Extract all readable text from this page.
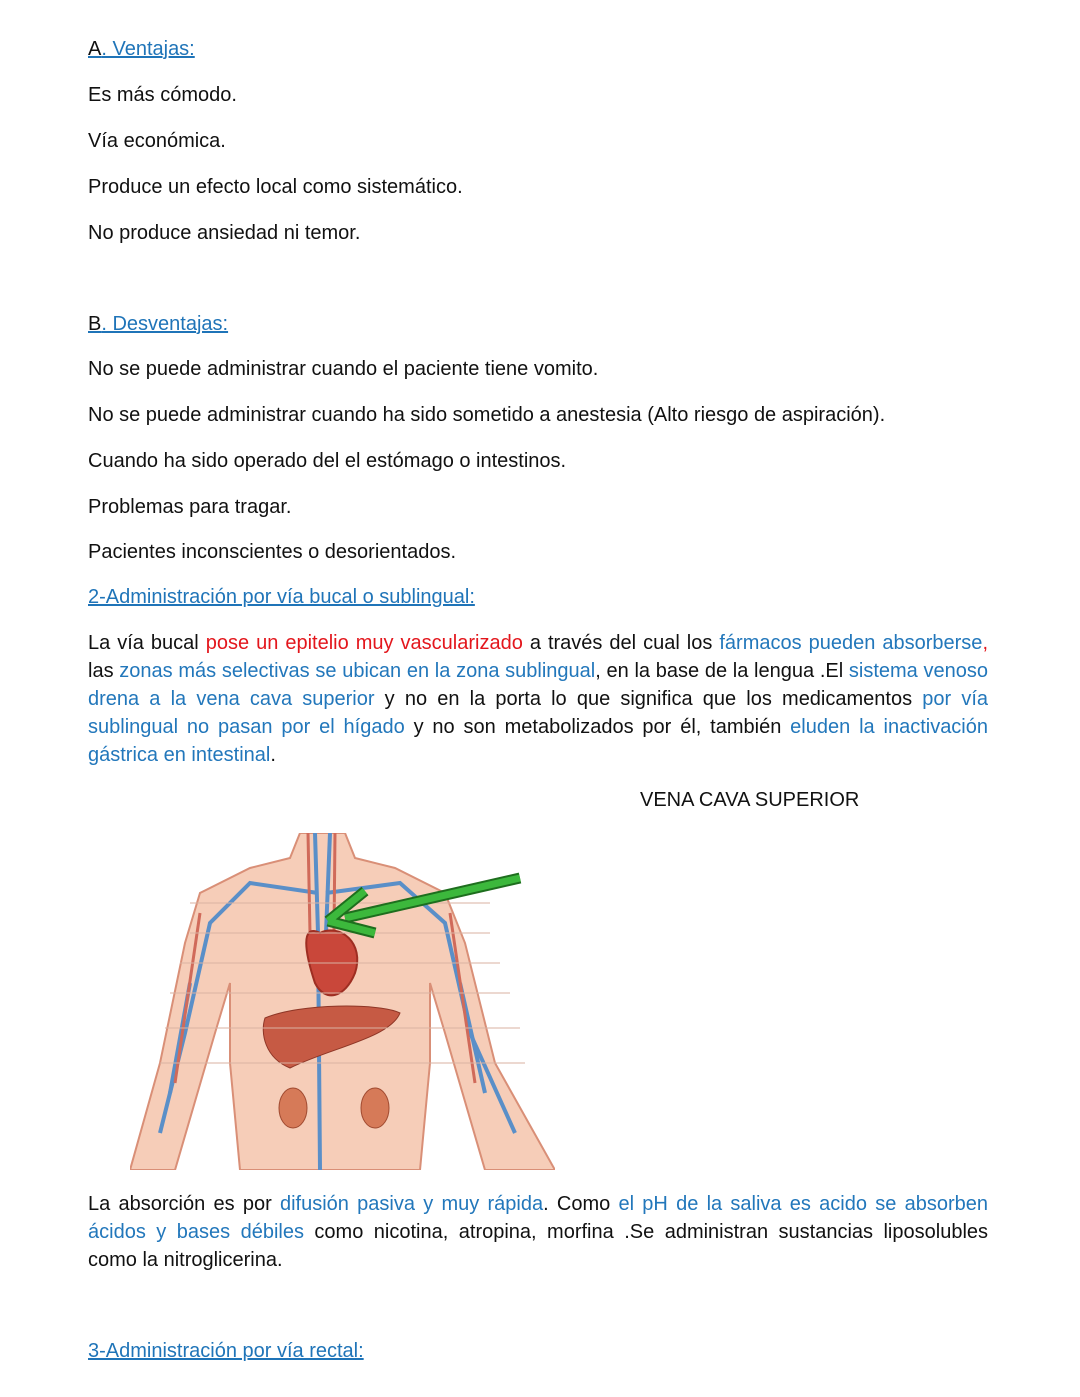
A. Ventajas:
Es más cómodo.
Vía económica.
Produce un efecto local como sistemático.
No produce ansiedad ni temor.
B. Desventajas:
No se puede administrar cuando el paciente tiene vomito.
No se puede administrar cuando ha sido sometido a anestesia (Alto riesgo de aspiración).
Cuando ha sido operado del el estómago o intestinos.
Problemas para tragar.
Pacientes inconscientes o desorientados.
2-Administración por vía bucal o sublingual:
La vía bucal pose un epitelio muy vascularizado a través del cual los fármacos pueden absorberse, las zonas más selectivas se ubican en la zona sublingual, en la base de la lengua .El sistema venoso drena a la vena cava superior y no en la porta lo que significa que los medicamentos por vía sublingual no pasan por el hígado y no son metabolizados por él, también eluden la inactivación gástrica en intestinal.
VENA CAVA SUPERIOR
La absorción es por difusión pasiva y muy rápida. Como el pH de la saliva es acido se absorben ácidos y bases débiles como nicotina, atropina, morfina .Se administran sustancias liposolubles como la nitroglicerina.
3-Administración por vía rectal:
